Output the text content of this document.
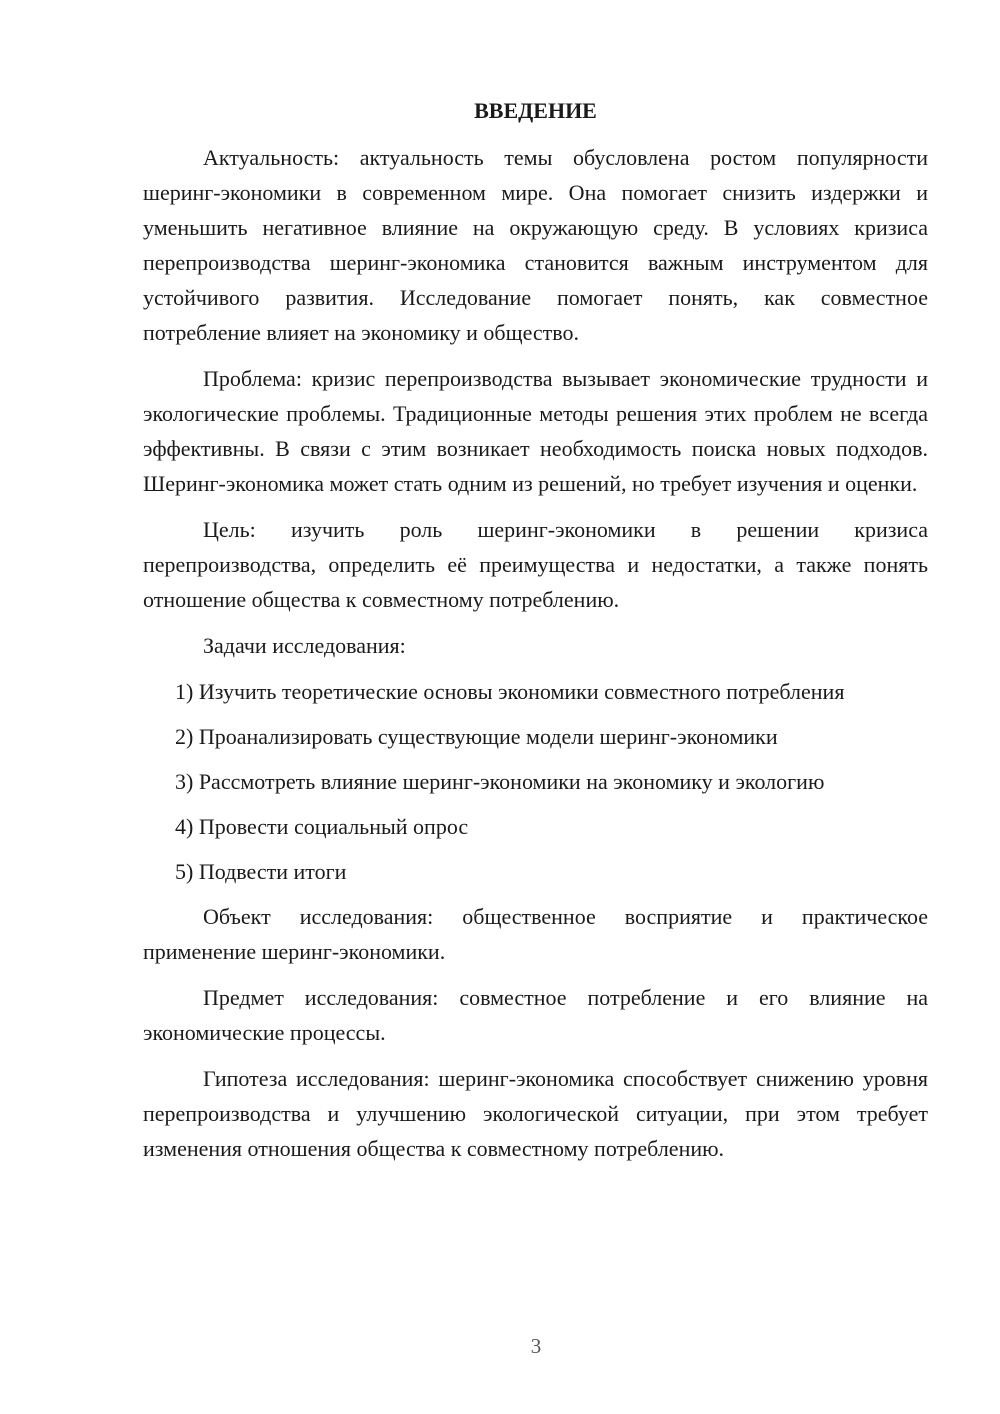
ВВЕДЕНИЕ

Актуальность: актуальность темы обусловлена ростом популярности шеринг-экономики в современном мире. Она помогает снизить издержки и уменьшить негативное влияние на окружающую среду. В условиях кризиса перепроизводства шеринг-экономика становится важным инструментом для устойчивого развития. Исследование помогает понять, как совместное потребление влияет на экономику и общество.

Проблема: кризис перепроизводства вызывает экономические трудности и экологические проблемы. Традиционные методы решения этих проблем не всегда эффективны. В связи с этим возникает необходимость поиска новых подходов. Шеринг-экономика может стать одним из решений, но требует изучения и оценки.

Цель: изучить роль шеринг-экономики в решении кризиса перепроизводства, определить её преимущества и недостатки, а также понять отношение общества к совместному потреблению.

Задачи исследования:

1) Изучить теоретические основы экономики совместного потребления

2) Проанализировать существующие модели шеринг-экономики

3) Рассмотреть влияние шеринг-экономики на экономику и экологию

4) Провести социальный опрос

5) Подвести итоги

Объект исследования: общественное восприятие и практическое применение шеринг-экономики.

Предмет исследования: совместное потребление и его влияние на экономические процессы.

Гипотеза исследования: шеринг-экономика способствует снижению уровня перепроизводства и улучшению экологической ситуации, при этом требует изменения отношения общества к совместному потреблению.

3
